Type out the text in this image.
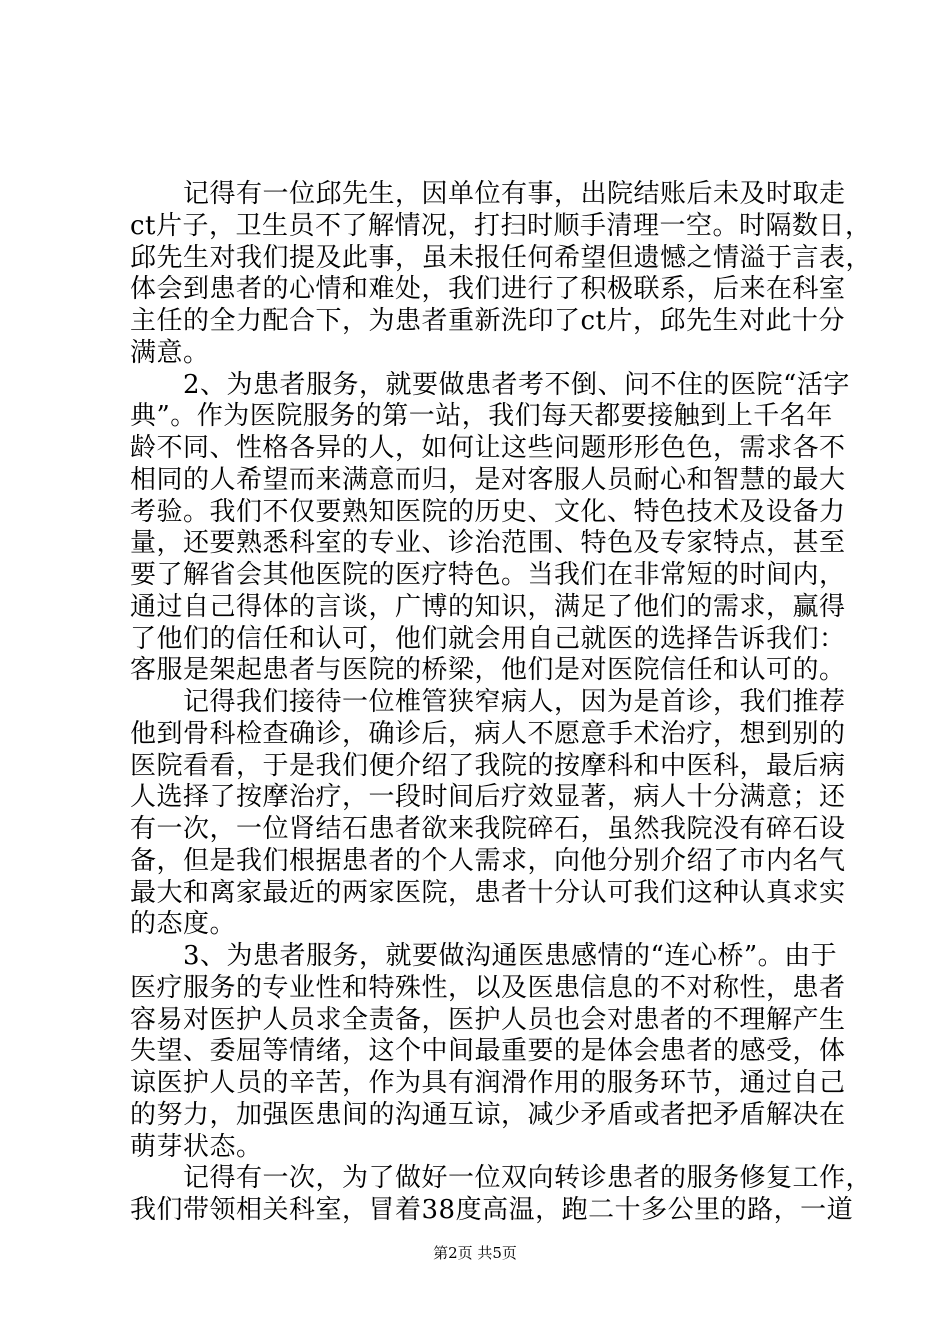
　　记得有一位邱先生，因单位有事，出院结账后未及时取走
ct片子，卫生员不了解情况，打扫时顺手清理一空。时隔数日，
邱先生对我们提及此事，虽未报任何希望但遗憾之情溢于言表，
体会到患者的心情和难处，我们进行了积极联系，后来在科室
主任的全力配合下，为患者重新洗印了ct片，邱先生对此十分
满意。
　　2、为患者服务，就要做患者考不倒、问不住的医院“活字
典”。作为医院服务的第一站，我们每天都要接触到上千名年
龄不同、性格各异的人，如何让这些问题形形色色，需求各不
相同的人希望而来满意而归，是对客服人员耐心和智慧的最大
考验。我们不仅要熟知医院的历史、文化、特色技术及设备力
量，还要熟悉科室的专业、诊治范围、特色及专家特点，甚至
要了解省会其他医院的医疗特色。当我们在非常短的时间内，
通过自己得体的言谈，广博的知识，满足了他们的需求，赢得
了他们的信任和认可，他们就会用自己就医的选择告诉我们：
客服是架起患者与医院的桥梁，他们是对医院信任和认可的。
　　记得我们接待一位椎管狭窄病人，因为是首诊，我们推荐
他到骨科检查确诊，确诊后，病人不愿意手术治疗，想到别的
医院看看，于是我们便介绍了我院的按摩科和中医科，最后病
人选择了按摩治疗，一段时间后疗效显著，病人十分满意；还
有一次，一位肾结石患者欲来我院碎石，虽然我院没有碎石设
备，但是我们根据患者的个人需求，向他分别介绍了市内名气
最大和离家最近的两家医院，患者十分认可我们这种认真求实
的态度。
　　3、为患者服务，就要做沟通医患感情的“连心桥”。由于
医疗服务的专业性和特殊性，以及医患信息的不对称性，患者
容易对医护人员求全责备，医护人员也会对患者的不理解产生
失望、委屈等情绪，这个中间最重要的是体会患者的感受，体
谅医护人员的辛苦，作为具有润滑作用的服务环节，通过自己
的努力，加强医患间的沟通互谅，减少矛盾或者把矛盾解决在
萌芽状态。
　　记得有一次，为了做好一位双向转诊患者的服务修复工作，
我们带领相关科室，冒着38度高温，跑二十多公里的路，一道
第2页 共5页
